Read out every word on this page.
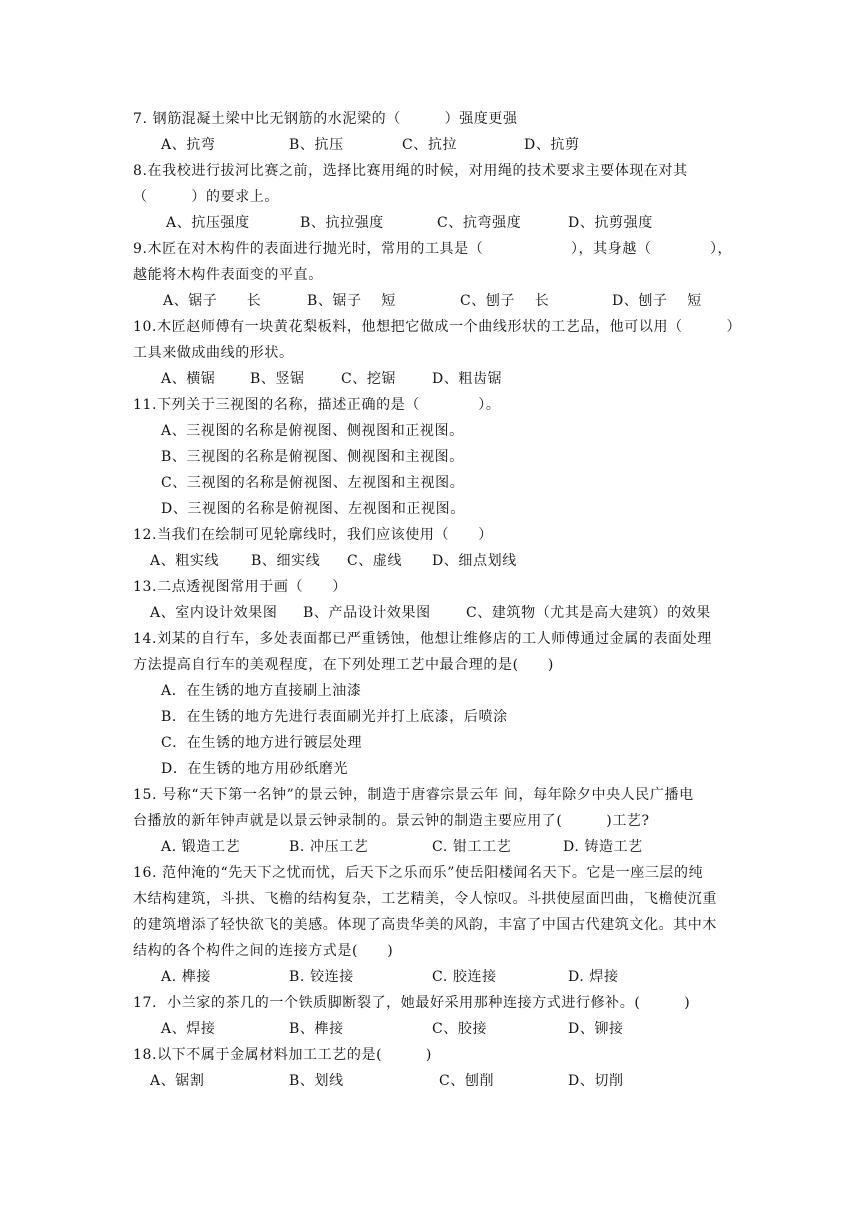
7. 钢筋混凝土梁中比无钢筋的水泥梁的（　　　）强度更强
A、抗弯	B、抗压	C、抗拉	D、抗剪
8.在我校进行拔河比赛之前，选择比赛用绳的时候，对用绳的技术要求主要体现在对其
（　　　）的要求上。
A、抗压强度	B、抗拉强度	C、抗弯强度	D、抗剪强度
9.木匠在对木构件的表面进行抛光时，常用的工具是（　　　　　　），其身越（　　　　），
越能将木构件表面变的平直。
A、锯子　　长	B、锯子　 短	C、刨子　 长	D、刨子　 短
10.木匠赵师傅有一块黄花梨板料，他想把它做成一个曲线形状的工艺品，他可以用（　　　）
工具来做成曲线的形状。
A、横锯 B、竖锯	C、挖锯	D、粗齿锯
11.下列关于三视图的名称，描述正确的是（　　　　）。
A、三视图的名称是俯视图、侧视图和正视图。
B、三视图的名称是俯视图、侧视图和主视图。
C、三视图的名称是俯视图、左视图和主视图。
D、三视图的名称是俯视图、左视图和正视图。
12.当我们在绘制可见轮廓线时，我们应该使用（　　）
A、粗实线 B、细实线 C、虚线 D、细点划线
13.二点透视图常用于画（　　）
A、室内设计效果图 B、产品设计效果图	C、建筑物（尤其是高大建筑）的效果
14.刘某的自行车，多处表面都已严重锈蚀，他想让维修店的工人师傅通过金属的表面处理
方法提高自行车的美观程度，在下列处理工艺中最合理的是(　　)
A．在生锈的地方直接刷上油漆
B．在生锈的地方先进行表面刷光并打上底漆，后喷涂
C．在生锈的地方进行镀层处理
D．在生锈的地方用砂纸磨光
15. 号称“天下第一名钟”的景云钟，制造于唐睿宗景云年 间，每年除夕中央人民广播电
台播放的新年钟声就是以景云钟录制的。景云钟的制造主要应用了(　　　)工艺?
A. 锻造工艺	B. 冲压工艺	C. 钳工工艺	D. 铸造工艺
16. 范仲淹的“先天下之忧而忧，后天下之乐而乐”使岳阳楼闻名天下。它是一座三层的纯
木结构建筑，斗拱、飞檐的结构复杂，工艺精美，令人惊叹。斗拱使屋面凹曲，飞檐使沉重
的建筑增添了轻快欲飞的美感。体现了高贵华美的风韵，丰富了中国古代建筑文化。其中木
结构的各个构件之间的连接方式是(　　)
A. 榫接	B. 铰连接	C. 胶连接	D. 焊接
17.  小兰家的茶几的一个铁质脚断裂了，她最好采用那种连接方式进行修补。(　　　)
A、焊接	B、榫接	C、胶接	D、铆接
18.以下不属于金属材料加工工艺的是(　　　)
A、锯割	B、划线	C、刨削	D、切削
